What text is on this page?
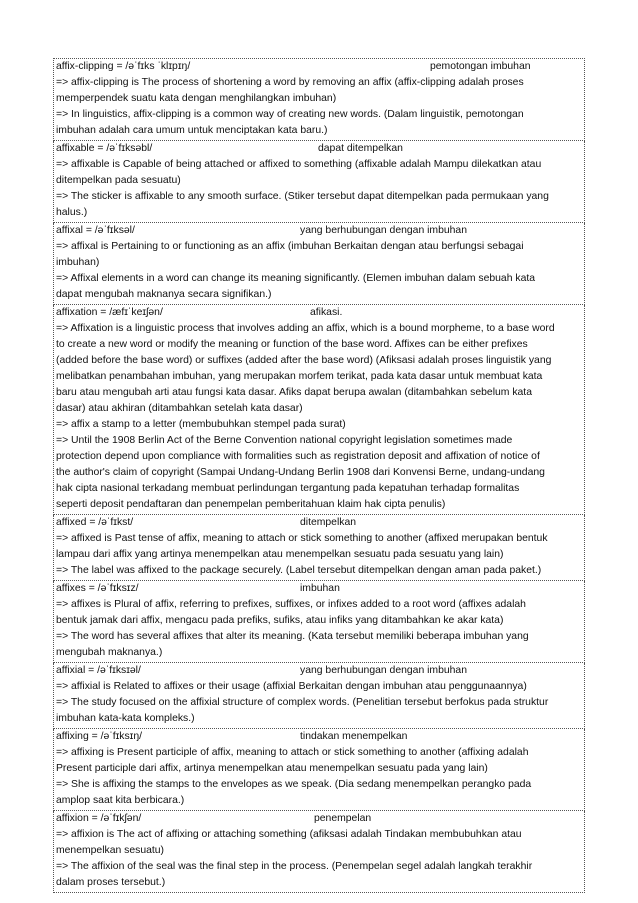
affix-clipping = /əˈfɪks ˈklɪpɪŋ/	pemotongan imbuhan
=> affix-clipping is The process of shortening a word by removing an affix (affix-clipping adalah proses
memperpendek suatu kata dengan menghilangkan imbuhan)
=> In linguistics, affix-clipping is a common way of creating new words. (Dalam linguistik, pemotongan
imbuhan adalah cara umum untuk menciptakan kata baru.)
affixable = /əˈfɪksəbl/	dapat ditempelkan
=> affixable is Capable of being attached or affixed to something (affixable adalah Mampu dilekatkan atau
ditempelkan pada sesuatu)
=> The sticker is affixable to any smooth surface. (Stiker tersebut dapat ditempelkan pada permukaan yang
halus.)
affixal = /əˈfɪksəl/	yang berhubungan dengan imbuhan
=> affixal is Pertaining to or functioning as an affix (imbuhan Berkaitan dengan atau berfungsi sebagai
imbuhan)
=> Affixal elements in a word can change its meaning significantly. (Elemen imbuhan dalam sebuah kata
dapat mengubah maknanya secara signifikan.)
affixation = /æfɪˈkeɪʃən/	afikasi.
=> Affixation is a linguistic process that involves adding an affix, which is a bound morpheme, to a base word
to create a new word or modify the meaning or function of the base word. Affixes can be either prefixes
(added before the base word) or suffixes (added after the base word) (Afiksasi adalah proses linguistik yang
melibatkan penambahan imbuhan, yang merupakan morfem terikat, pada kata dasar untuk membuat kata
baru atau mengubah arti atau fungsi kata dasar. Afiks dapat berupa awalan (ditambahkan sebelum kata
dasar) atau akhiran (ditambahkan setelah kata dasar)
=> affix a stamp to a letter (membubuhkan stempel pada surat)
=> Until the 1908 Berlin Act of the Berne Convention national copyright legislation sometimes made
protection depend upon compliance with formalities such as registration deposit and affixation of notice of
the author's claim of copyright (Sampai Undang-Undang Berlin 1908 dari Konvensi Berne, undang-undang
hak cipta nasional terkadang membuat perlindungan tergantung pada kepatuhan terhadap formalitas
seperti deposit pendaftaran dan penempelan pemberitahuan klaim hak cipta penulis)
affixed = /əˈfɪkst/	ditempelkan
=> affixed is Past tense of affix, meaning to attach or stick something to another (affixed merupakan bentuk
lampau dari affix yang artinya menempelkan atau menempelkan sesuatu pada sesuatu yang lain)
=> The label was affixed to the package securely. (Label tersebut ditempelkan dengan aman pada paket.)
affixes = /əˈfɪksɪz/	imbuhan
=> affixes is Plural of affix, referring to prefixes, suffixes, or infixes added to a root word (affixes adalah
bentuk jamak dari affix, mengacu pada prefiks, sufiks, atau infiks yang ditambahkan ke akar kata)
=> The word has several affixes that alter its meaning. (Kata tersebut memiliki beberapa imbuhan yang
mengubah maknanya.)
affixial = /əˈfɪksɪəl/	yang berhubungan dengan imbuhan
=> affixial is Related to affixes or their usage (affixial Berkaitan dengan imbuhan atau penggunaannya)
=> The study focused on the affixial structure of complex words. (Penelitian tersebut berfokus pada struktur
imbuhan kata-kata kompleks.)
affixing = /əˈfɪksɪŋ/	tindakan menempelkan
=> affixing is Present participle of affix, meaning to attach or stick something to another (affixing adalah
Present participle dari affix, artinya menempelkan atau menempelkan sesuatu pada yang lain)
=> She is affixing the stamps to the envelopes as we speak. (Dia sedang menempelkan perangko pada
amplop saat kita berbicara.)
affixion = /əˈfɪkʃən/	penempelan
=> affixion is The act of affixing or attaching something (afiksasi adalah Tindakan membubuhkan atau
menempelkan sesuatu)
=> The affixion of the seal was the final step in the process. (Penempelan segel adalah langkah terakhir
dalam proses tersebut.)
